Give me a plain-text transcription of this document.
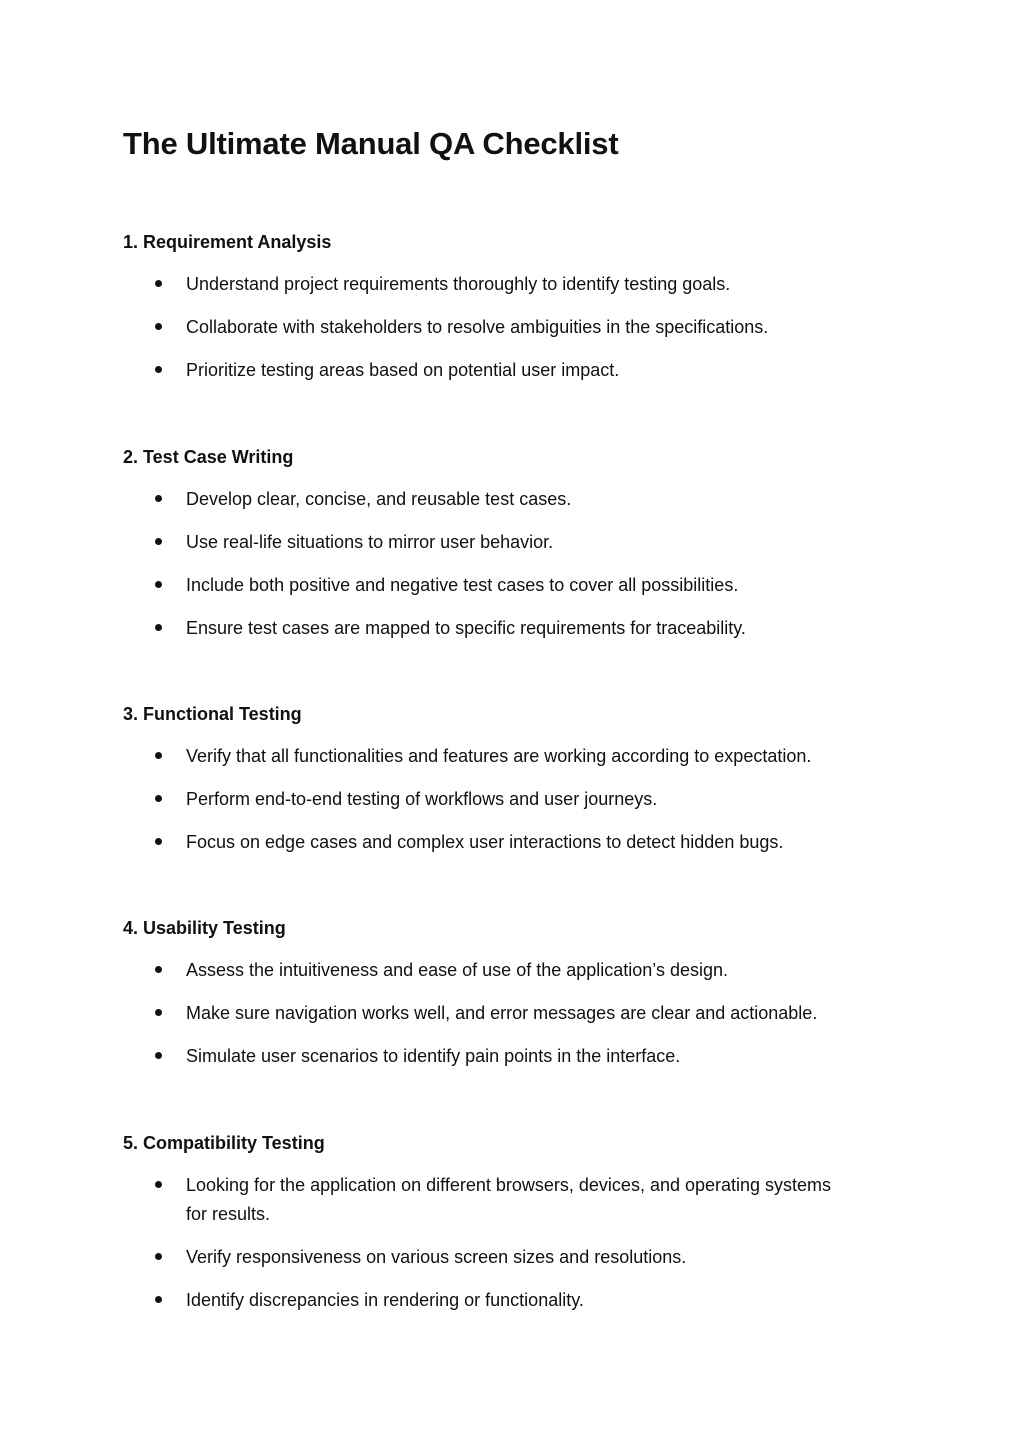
The Ultimate Manual QA Checklist
1. Requirement Analysis
Understand project requirements thoroughly to identify testing goals.
Collaborate with stakeholders to resolve ambiguities in the specifications.
Prioritize testing areas based on potential user impact.
2. Test Case Writing
Develop clear, concise, and reusable test cases.
Use real-life situations to mirror user behavior.
Include both positive and negative test cases to cover all possibilities.
Ensure test cases are mapped to specific requirements for traceability.
3. Functional Testing
Verify that all functionalities and features are working according to expectation.
Perform end-to-end testing of workflows and user journeys.
Focus on edge cases and complex user interactions to detect hidden bugs.
4. Usability Testing
Assess the intuitiveness and ease of use of the application’s design.
Make sure navigation works well, and error messages are clear and actionable.
Simulate user scenarios to identify pain points in the interface.
5. Compatibility Testing
Looking for the application on different browsers, devices, and operating systems for results.
Verify responsiveness on various screen sizes and resolutions.
Identify discrepancies in rendering or functionality.
